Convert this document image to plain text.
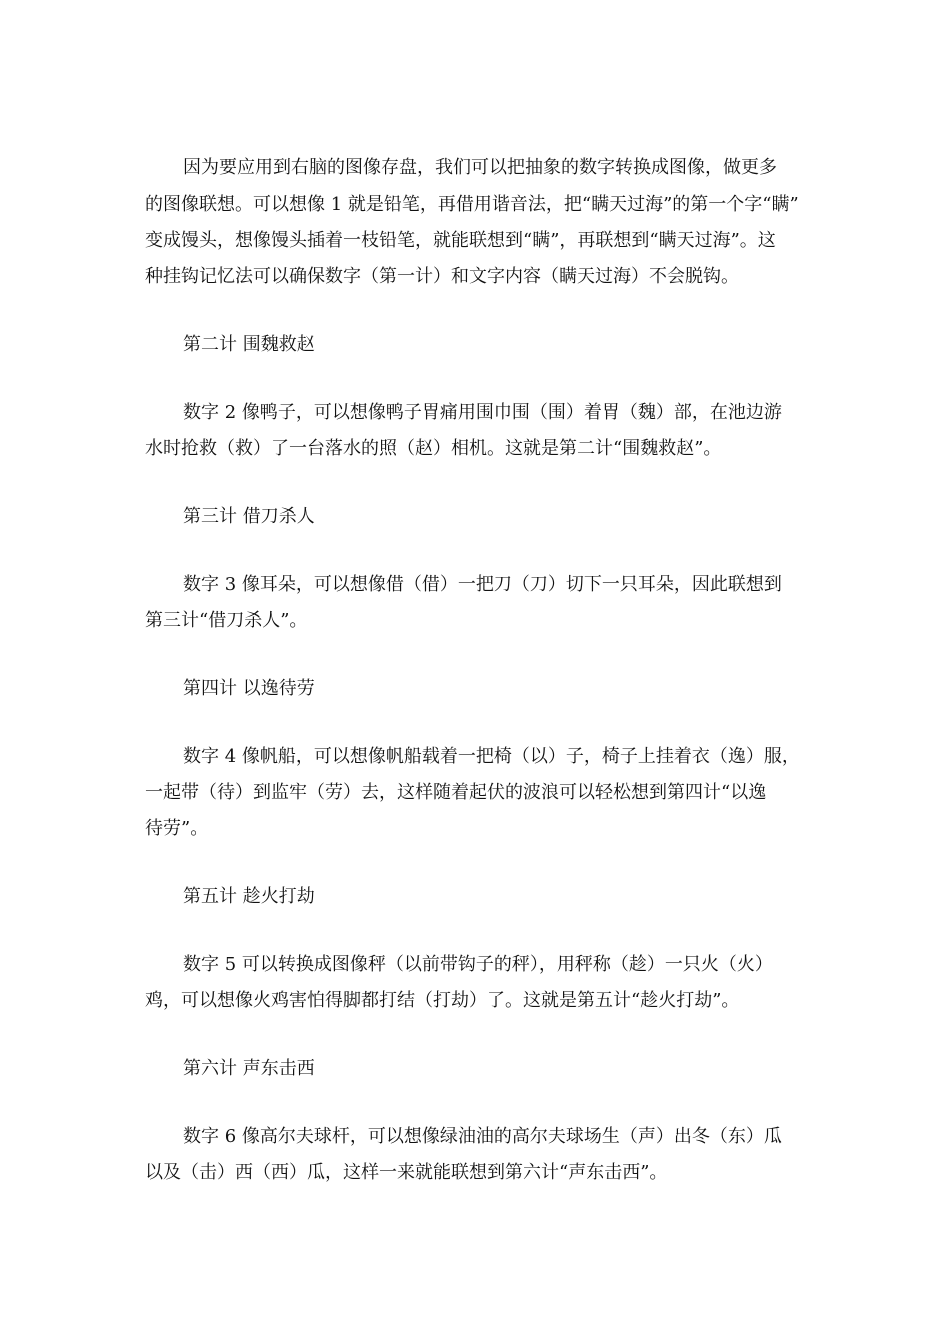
因为要应用到右脑的图像存盘，我们可以把抽象的数字转换成图像，做更多
的图像联想。可以想像 1 就是铅笔，再借用谐音法，把“瞒天过海”的第一个字“瞒”
变成馒头，想像馒头插着一枝铅笔，就能联想到“瞒”，再联想到“瞒天过海”。这
种挂钩记忆法可以确保数字（第一计）和文字内容（瞒天过海）不会脱钩。
第二计 围魏救赵
数字 2 像鸭子，可以想像鸭子胃痛用围巾围（围）着胃（魏）部，在池边游
水时抢救（救）了一台落水的照（赵）相机。这就是第二计“围魏救赵”。
第三计 借刀杀人
数字 3 像耳朵，可以想像借（借）一把刀（刀）切下一只耳朵，因此联想到
第三计“借刀杀人”。
第四计 以逸待劳
数字 4 像帆船，可以想像帆船载着一把椅（以）子，椅子上挂着衣（逸）服，
一起带（待）到监牢（劳）去，这样随着起伏的波浪可以轻松想到第四计“以逸
待劳”。
第五计 趁火打劫
数字 5 可以转换成图像秤（以前带钩子的秤），用秤称（趁）一只火（火）
鸡，可以想像火鸡害怕得脚都打结（打劫）了。这就是第五计“趁火打劫”。
第六计 声东击西
数字 6 像高尔夫球杆，可以想像绿油油的高尔夫球场生（声）出冬（东）瓜
以及（击）西（西）瓜，这样一来就能联想到第六计“声东击西”。
